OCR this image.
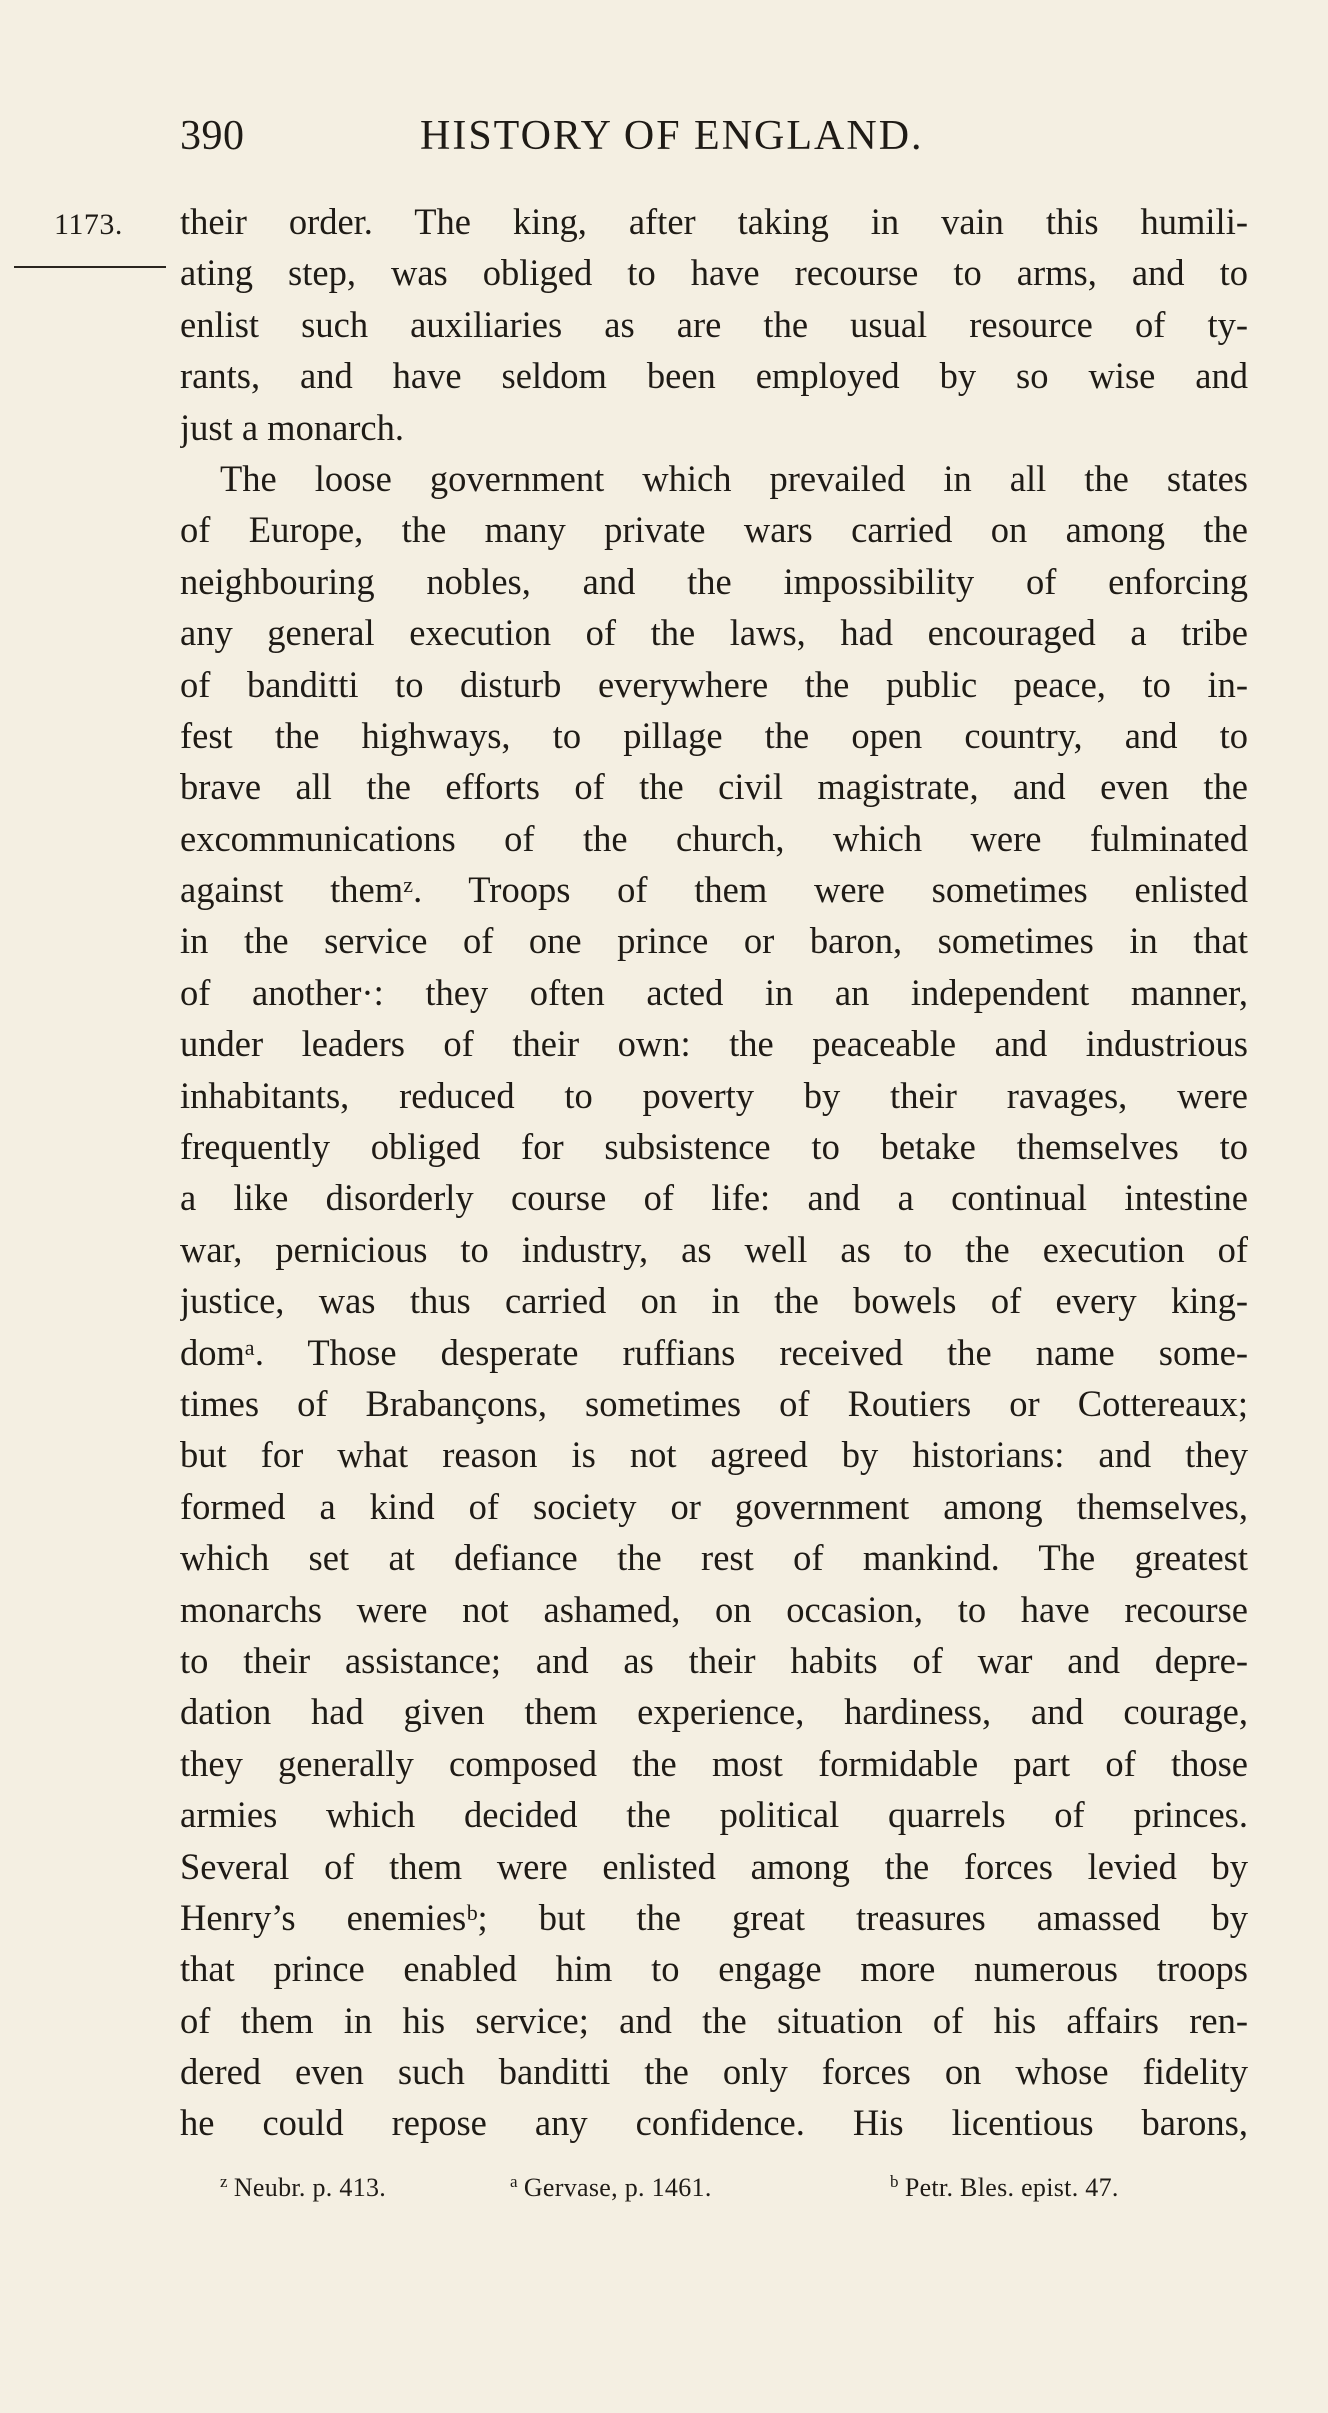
390	HISTORY OF ENGLAND.
1173. their order. The king, after taking in vain this humili-
ating step, was obliged to have recourse to arms, and to
enlist such auxiliaries as are the usual resource of ty-
rants, and have seldom been employed by so wise and
just a monarch.
The loose government which prevailed in all the states
of Europe, the many private wars carried on among the
neighbouring nobles, and the impossibility of enforcing
any general execution of the laws, had encouraged a tribe
of banditti to disturb everywhere the public peace, to in-
fest the highways, to pillage the open country, and to
brave all the efforts of the civil magistrate, and even the
excommunications of the church, which were fulminated
against themᶻ. Troops of them were sometimes enlisted
in the service of one prince or baron, sometimes in that
of another·: they often acted in an independent manner,
under leaders of their own: the peaceable and industrious
inhabitants, reduced to poverty by their ravages, were
frequently obliged for subsistence to betake themselves to
a like disorderly course of life: and a continual intestine
war, pernicious to industry, as well as to the execution of
justice, was thus carried on in the bowels of every king-
domᵃ. Those desperate ruffians received the name some-
times of Brabançons, sometimes of Routiers or Cottereaux;
but for what reason is not agreed by historians: and they
formed a kind of society or government among themselves,
which set at defiance the rest of mankind. The greatest
monarchs were not ashamed, on occasion, to have recourse
to their assistance; and as their habits of war and depre-
dation had given them experience, hardiness, and courage,
they generally composed the most formidable part of those
armies which decided the political quarrels of princes.
Several of them were enlisted among the forces levied by
Henry’s enemiesᵇ; but the great treasures amassed by
that prince enabled him to engage more numerous troops
of them in his service; and the situation of his affairs ren-
dered even such banditti the only forces on whose fidelity
he could repose any confidence. His licentious barons,
$^z$ Neubr. p. 413.	$^a$ Gervase, p. 1461.	$^b$ Petr. Bles. epist. 47.
